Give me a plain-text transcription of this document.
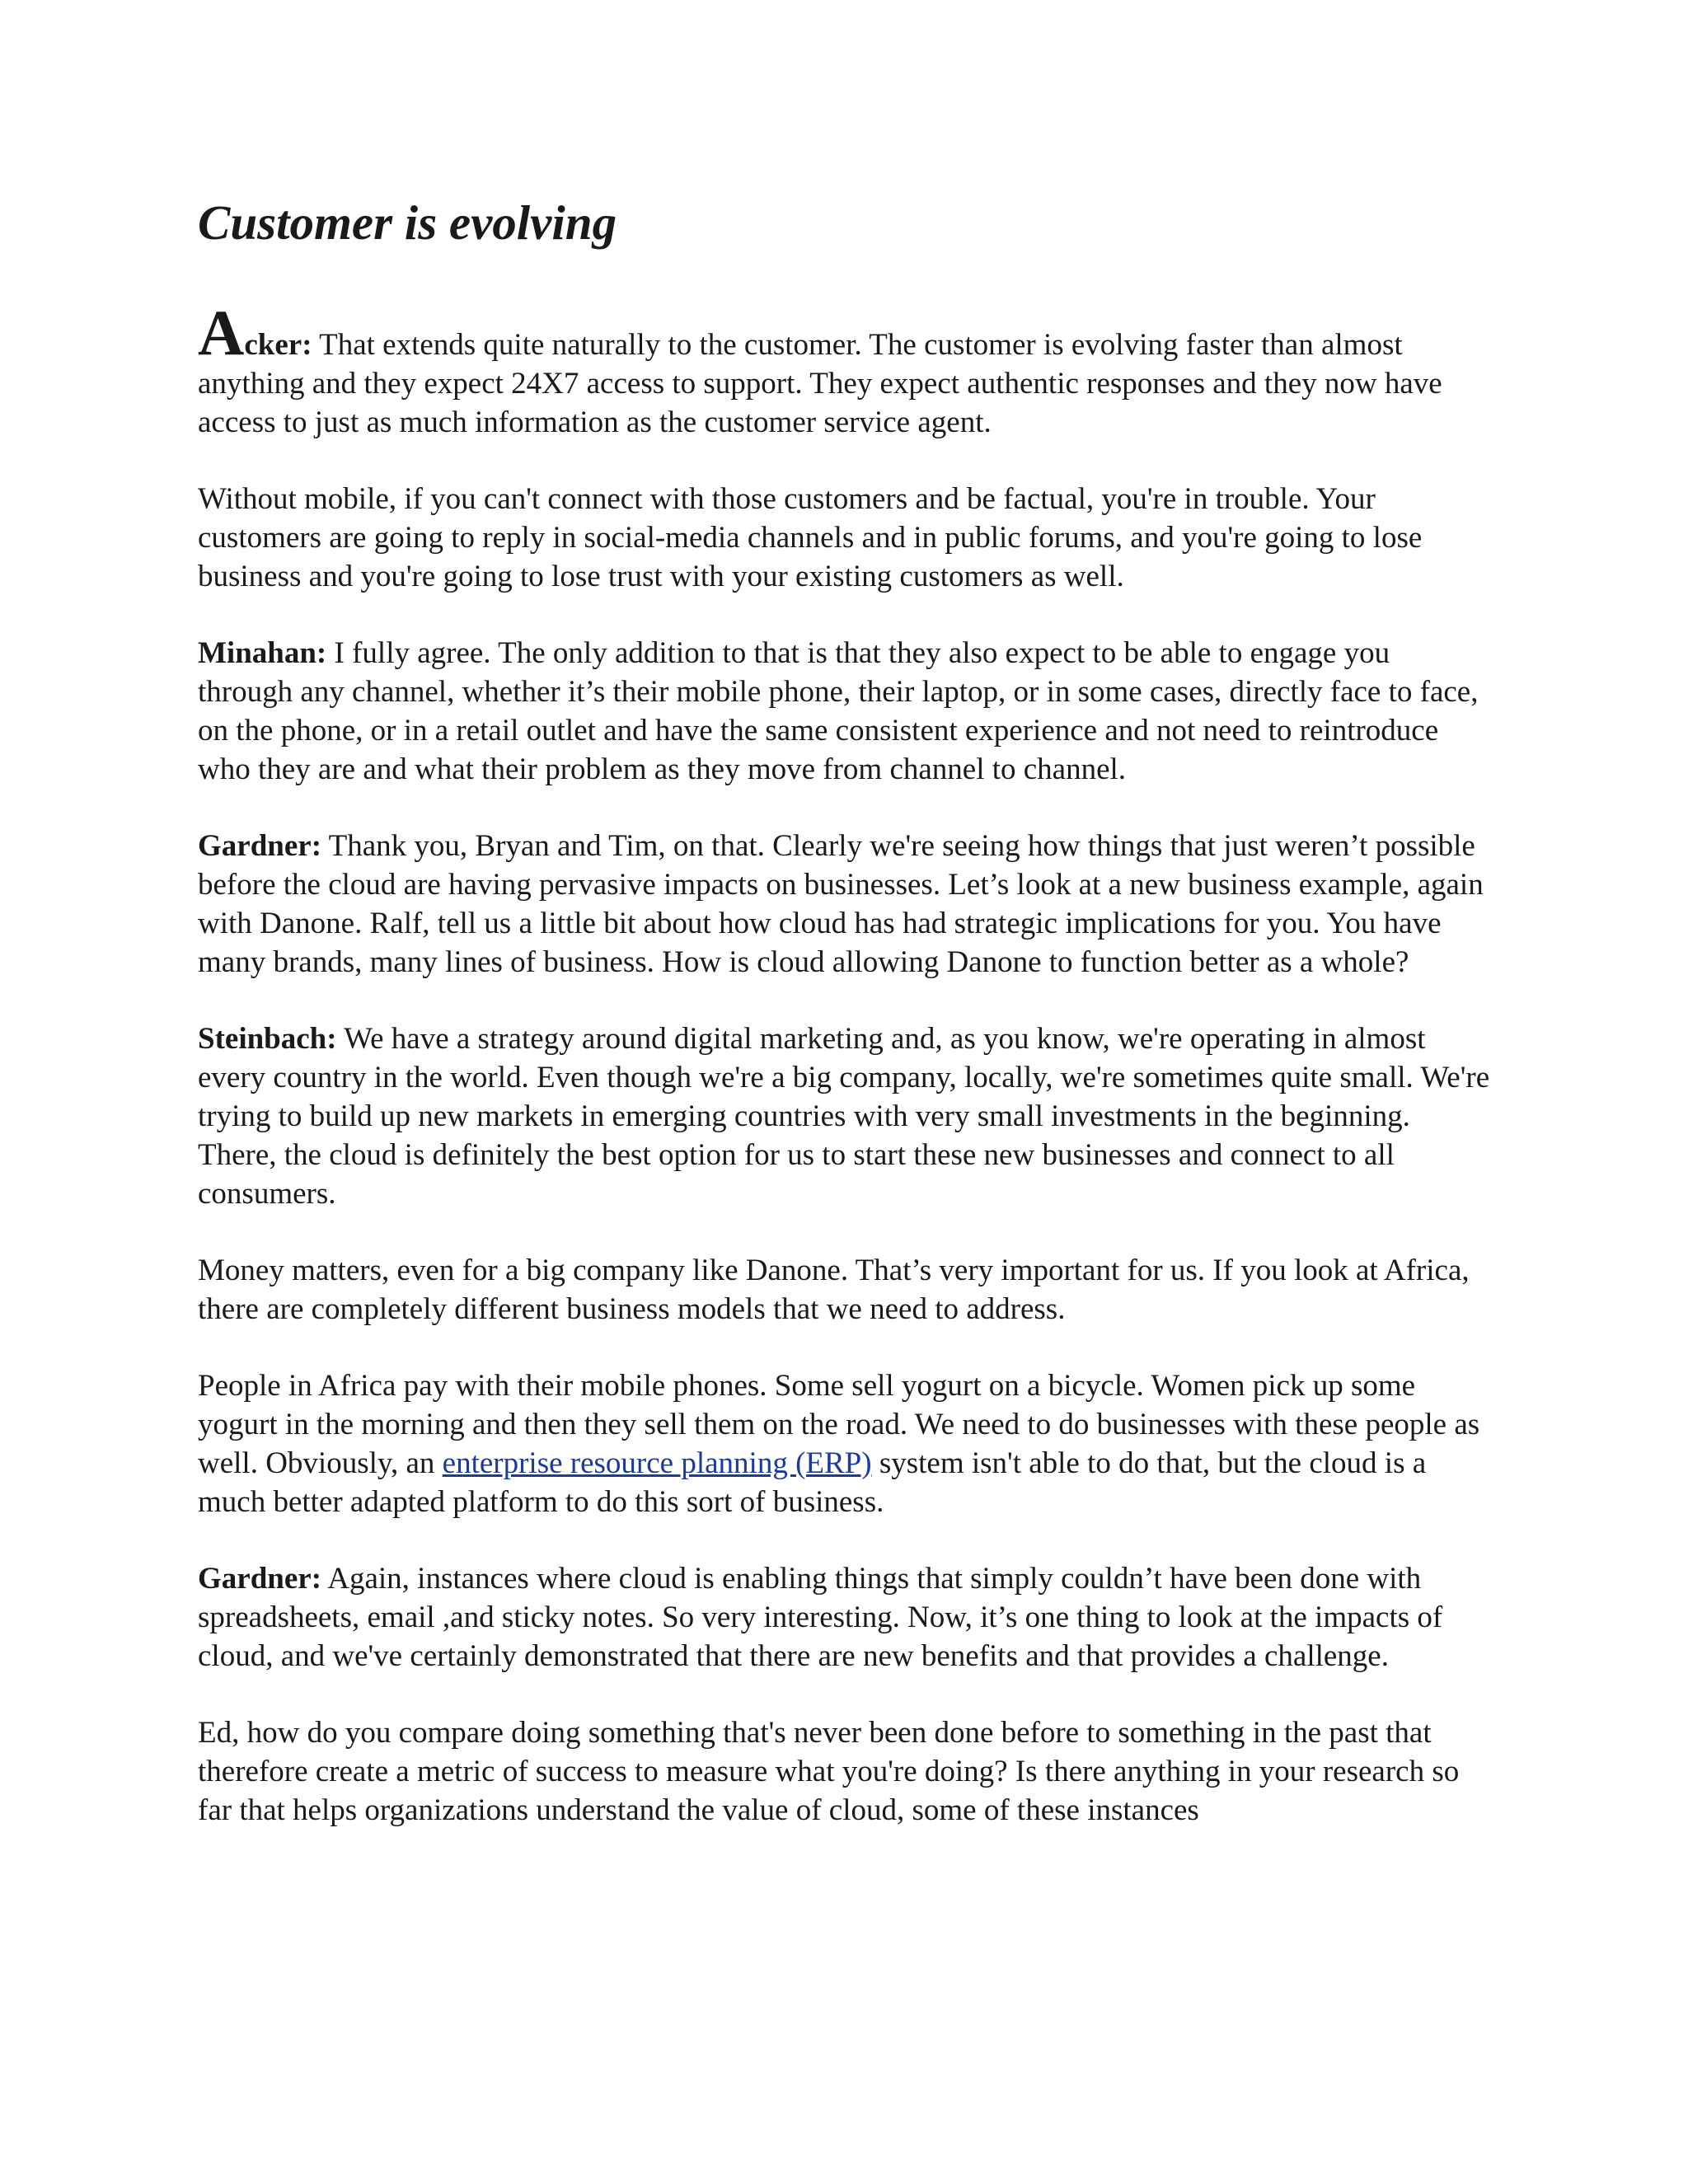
Customer is evolving

Acker: That extends quite naturally to the customer. The customer is evolving faster than almost anything and they expect 24X7 access to support. They expect authentic responses and they now have access to just as much information as the customer service agent.

Without mobile, if you can't connect with those customers and be factual, you're in trouble. Your customers are going to reply in social-media channels and in public forums, and you're going to lose business and you're going to lose trust with your existing customers as well.

Minahan: I fully agree. The only addition to that is that they also expect to be able to engage you through any channel, whether it’s their mobile phone, their laptop, or in some cases, directly face to face, on the phone, or in a retail outlet and have the same consistent experience and not need to reintroduce who they are and what their problem as they move from channel to channel.

Gardner: Thank you, Bryan and Tim, on that. Clearly we're seeing how things that just weren’t possible before the cloud are having pervasive impacts on businesses. Let’s look at a new business example, again with Danone. Ralf, tell us a little bit about how cloud has had strategic implications for you. You have many brands, many lines of business. How is cloud allowing Danone to function better as a whole?

Steinbach: We have a strategy around digital marketing and, as you know, we're operating in almost every country in the world. Even though we're a big company, locally, we're sometimes quite small. We're trying to build up new markets in emerging countries with very small investments in the beginning. There, the cloud is definitely the best option for us to start these new businesses and connect to all consumers.

Money matters, even for a big company like Danone. That’s very important for us. If you look at Africa, there are completely different business models that we need to address.

People in Africa pay with their mobile phones. Some sell yogurt on a bicycle. Women pick up some yogurt in the morning and then they sell them on the road. We need to do businesses with these people as well. Obviously, an enterprise resource planning (ERP) system isn't able to do that, but the cloud is a much better adapted platform to do this sort of business.

Gardner: Again, instances where cloud is enabling things that simply couldn’t have been done with spreadsheets, email ,and sticky notes. So very interesting. Now, it’s one thing to look at the impacts of cloud, and we've certainly demonstrated that there are new benefits and that provides a challenge.

Ed, how do you compare doing something that's never been done before to something in the past that therefore create a metric of success to measure what you're doing? Is there anything in your research so far that helps organizations understand the value of cloud, some of these instances
